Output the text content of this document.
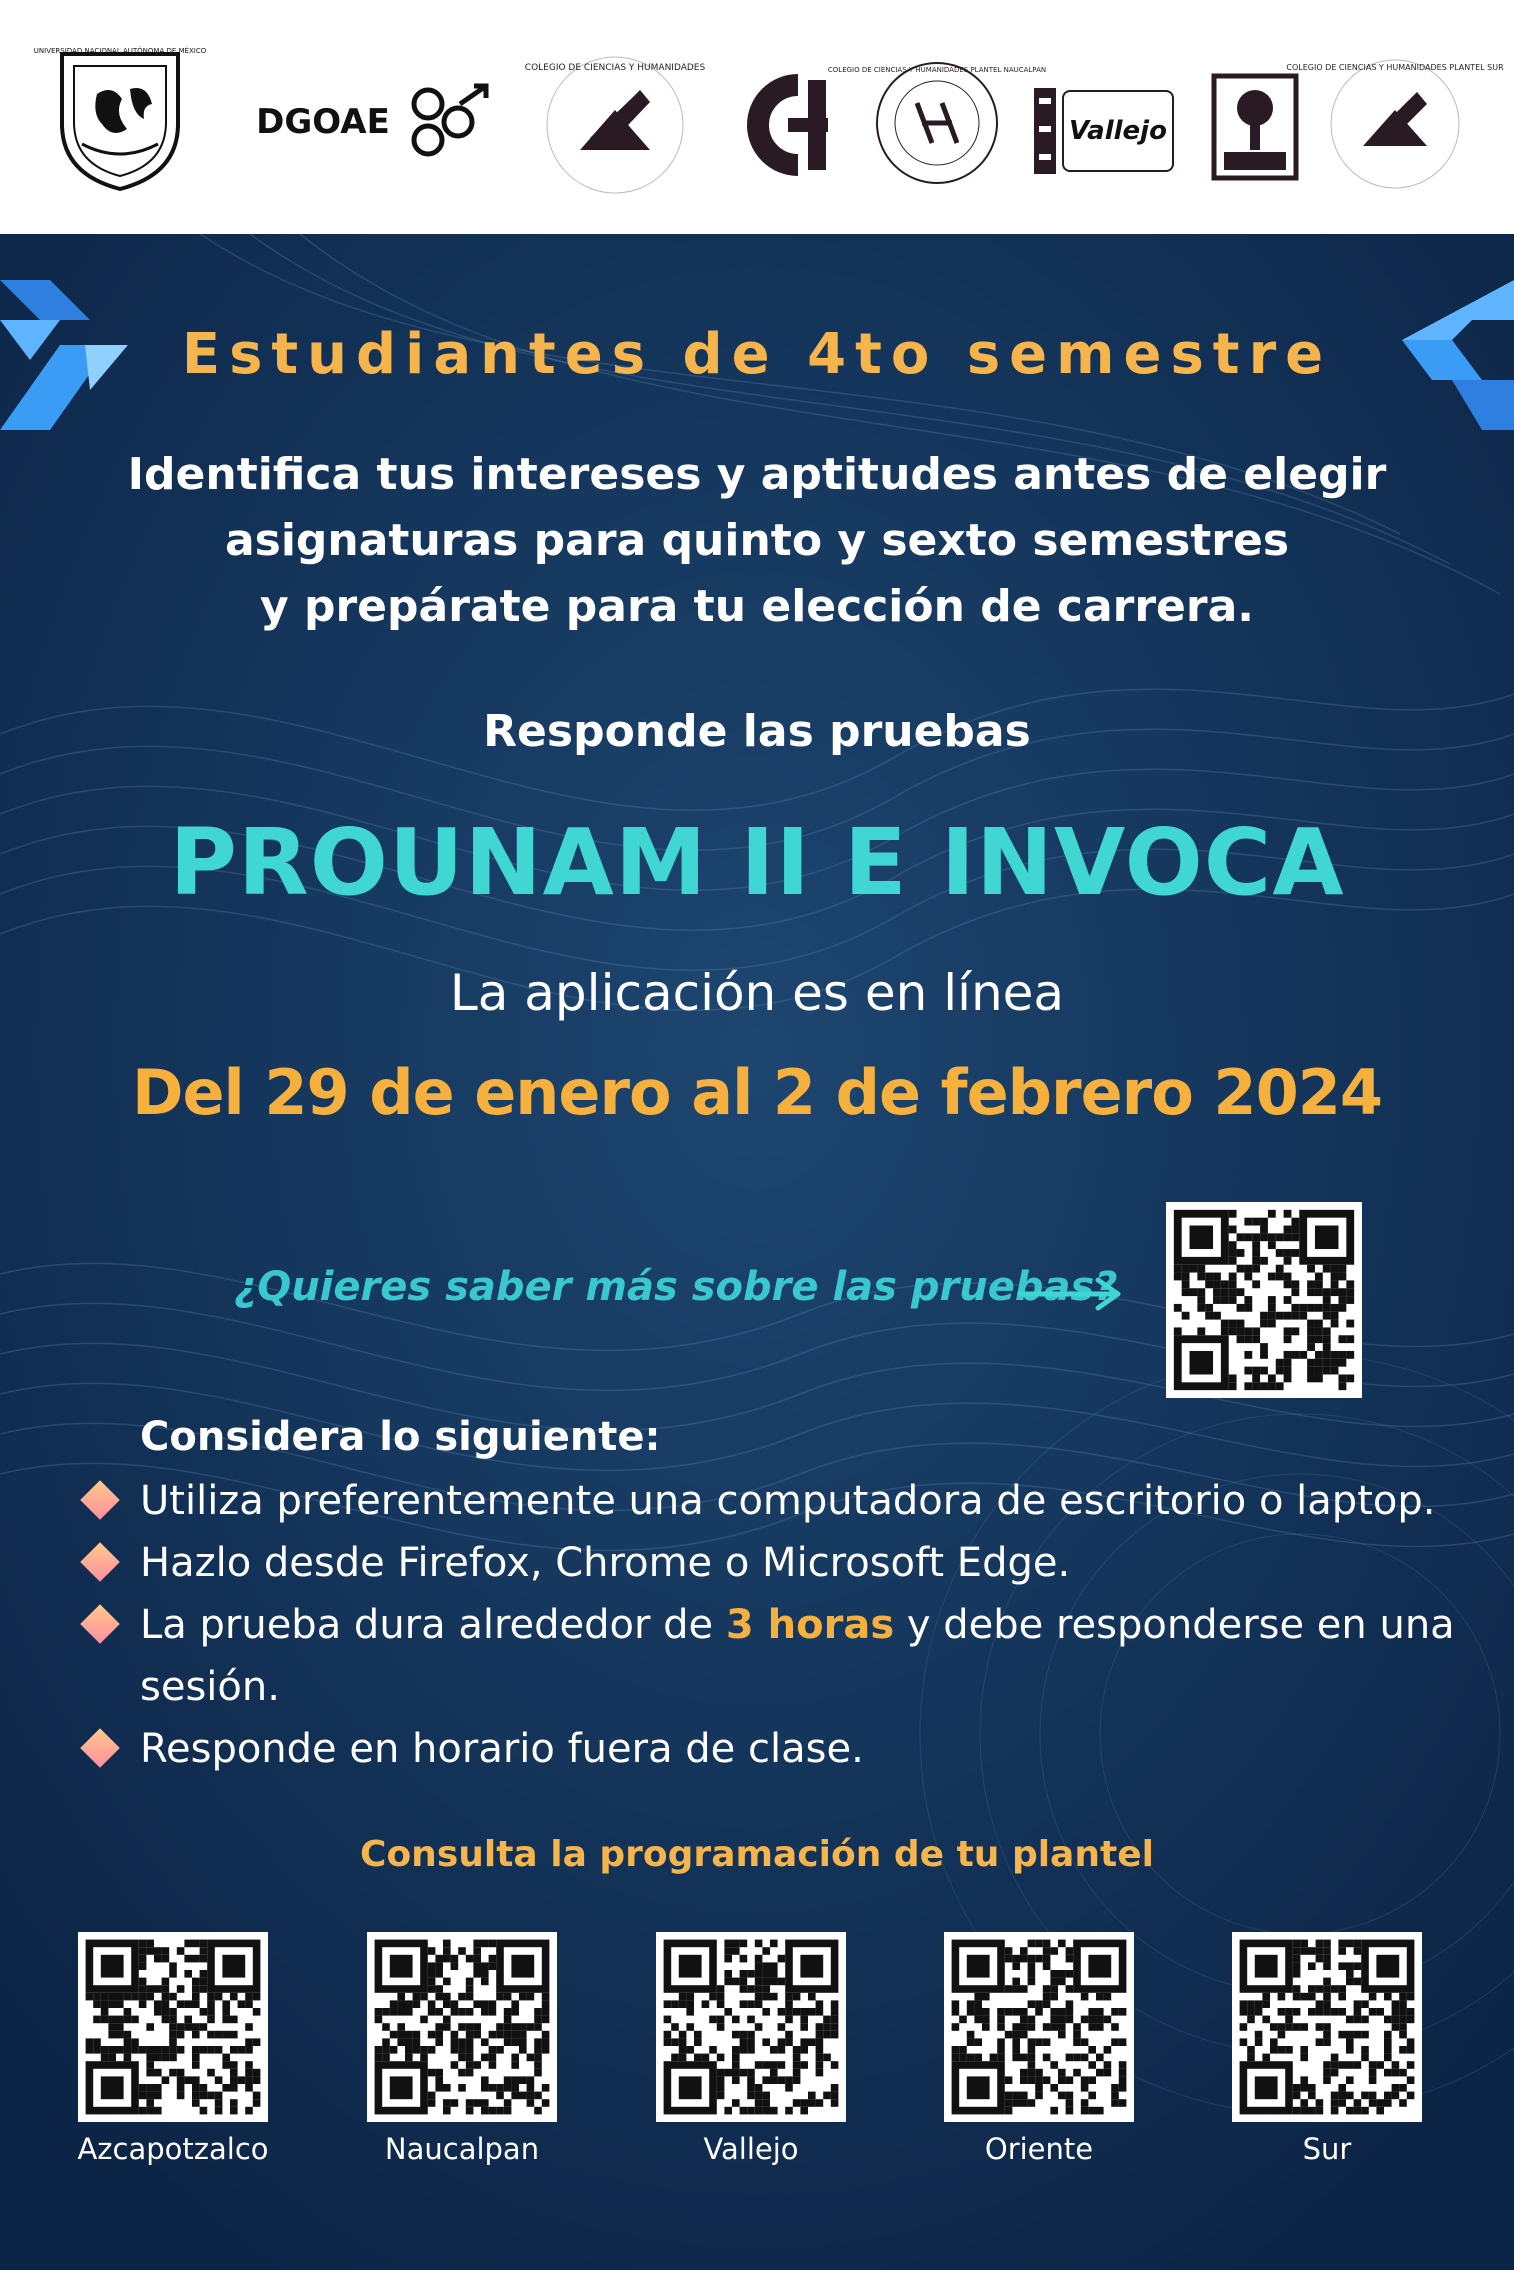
UNIVERSIDAD NACIONAL AUTÓNOMA DE MÉXICO
DGOAE
COLEGIO DE CIENCIAS Y HUMANIDADES	COLEGIO DE CIENCIAS Y HUMANIDADES PLANTEL NAUCALPAN
Vallejo
COLEGIO DE CIENCIAS Y HUMANIDADES PLANTEL SUR

Estudiantes de 4to semestre

Identifica tus intereses y aptitudes antes de elegir
asignaturas para quinto y sexto semestres
y prepárate para tu elección de carrera.

Responde las pruebas

PROUNAM II E INVOCA

La aplicación es en línea

Del 29 de enero al 2 de febrero 2024

¿Quieres saber más sobre las pruebas?

Considera lo siguiente:

Utiliza preferentemente una computadora de escritorio o laptop.
Hazlo desde Firefox, Chrome o Microsoft Edge.
La prueba dura alrededor de 3 horas y debe responderse en una sesión.
Responde en horario fuera de clase.

Consulta la programación de tu plantel

Azcapotzalco	Naucalpan	Vallejo	Oriente	Sur
